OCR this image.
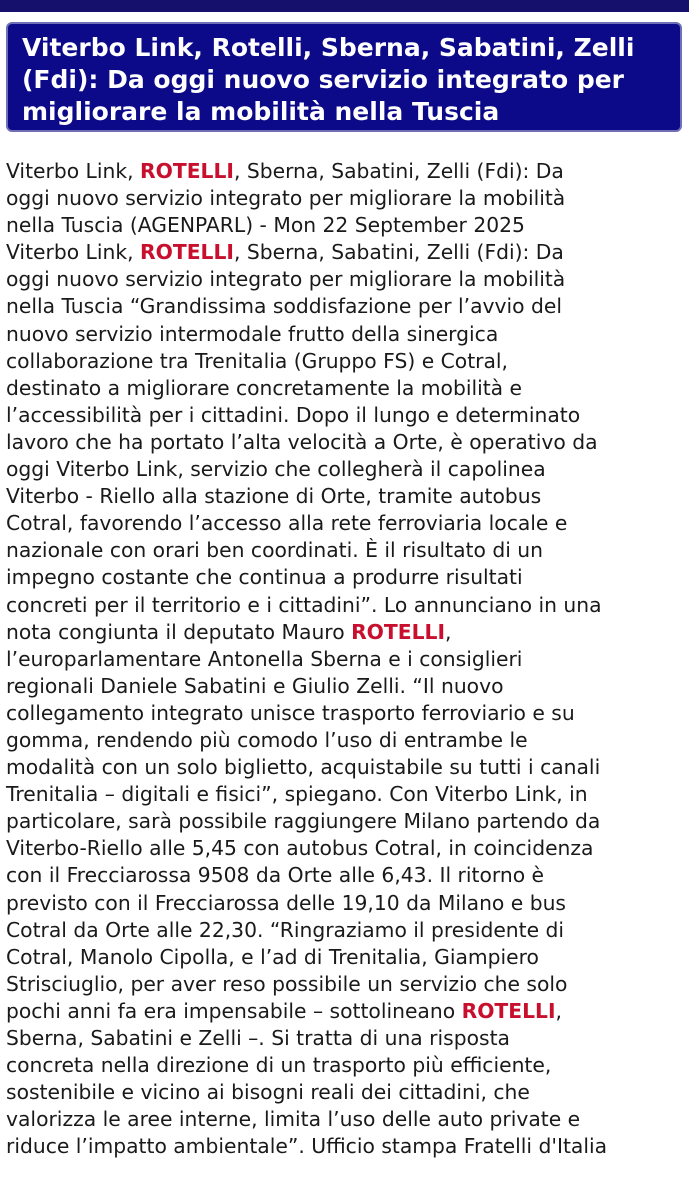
Viterbo Link, Rotelli, Sberna, Sabatini, Zelli
(Fdi): Da oggi nuovo servizio integrato per
migliorare la mobilità nella Tuscia
Viterbo Link, ROTELLI, Sberna, Sabatini, Zelli (Fdi): Da
oggi nuovo servizio integrato per migliorare la mobilità
nella Tuscia (AGENPARL) - Mon 22 September 2025
Viterbo Link, ROTELLI, Sberna, Sabatini, Zelli (Fdi): Da
oggi nuovo servizio integrato per migliorare la mobilità
nella Tuscia “Grandissima soddisfazione per l’avvio del
nuovo servizio intermodale frutto della sinergica
collaborazione tra Trenitalia (Gruppo FS) e Cotral,
destinato a migliorare concretamente la mobilità e
l’accessibilità per i cittadini. Dopo il lungo e determinato
lavoro che ha portato l’alta velocità a Orte, è operativo da
oggi Viterbo Link, servizio che collegherà il capolinea
Viterbo - Riello alla stazione di Orte, tramite autobus
Cotral, favorendo l’accesso alla rete ferroviaria locale e
nazionale con orari ben coordinati. È il risultato di un
impegno costante che continua a produrre risultati
concreti per il territorio e i cittadini”. Lo annunciano in una
nota congiunta il deputato Mauro ROTELLI,
l’europarlamentare Antonella Sberna e i consiglieri
regionali Daniele Sabatini e Giulio Zelli. “Il nuovo
collegamento integrato unisce trasporto ferroviario e su
gomma, rendendo più comodo l’uso di entrambe le
modalità con un solo biglietto, acquistabile su tutti i canali
Trenitalia – digitali e fisici”, spiegano. Con Viterbo Link, in
particolare, sarà possibile raggiungere Milano partendo da
Viterbo-Riello alle 5,45 con autobus Cotral, in coincidenza
con il Frecciarossa 9508 da Orte alle 6,43. Il ritorno è
previsto con il Frecciarossa delle 19,10 da Milano e bus
Cotral da Orte alle 22,30. “Ringraziamo il presidente di
Cotral, Manolo Cipolla, e l’ad di Trenitalia, Giampiero
Strisciuglio, per aver reso possibile un servizio che solo
pochi anni fa era impensabile – sottolineano ROTELLI,
Sberna, Sabatini e Zelli –. Si tratta di una risposta
concreta nella direzione di un trasporto più efficiente,
sostenibile e vicino ai bisogni reali dei cittadini, che
valorizza le aree interne, limita l’uso delle auto private e
riduce l’impatto ambientale”. Ufficio stampa Fratelli d'Italia
